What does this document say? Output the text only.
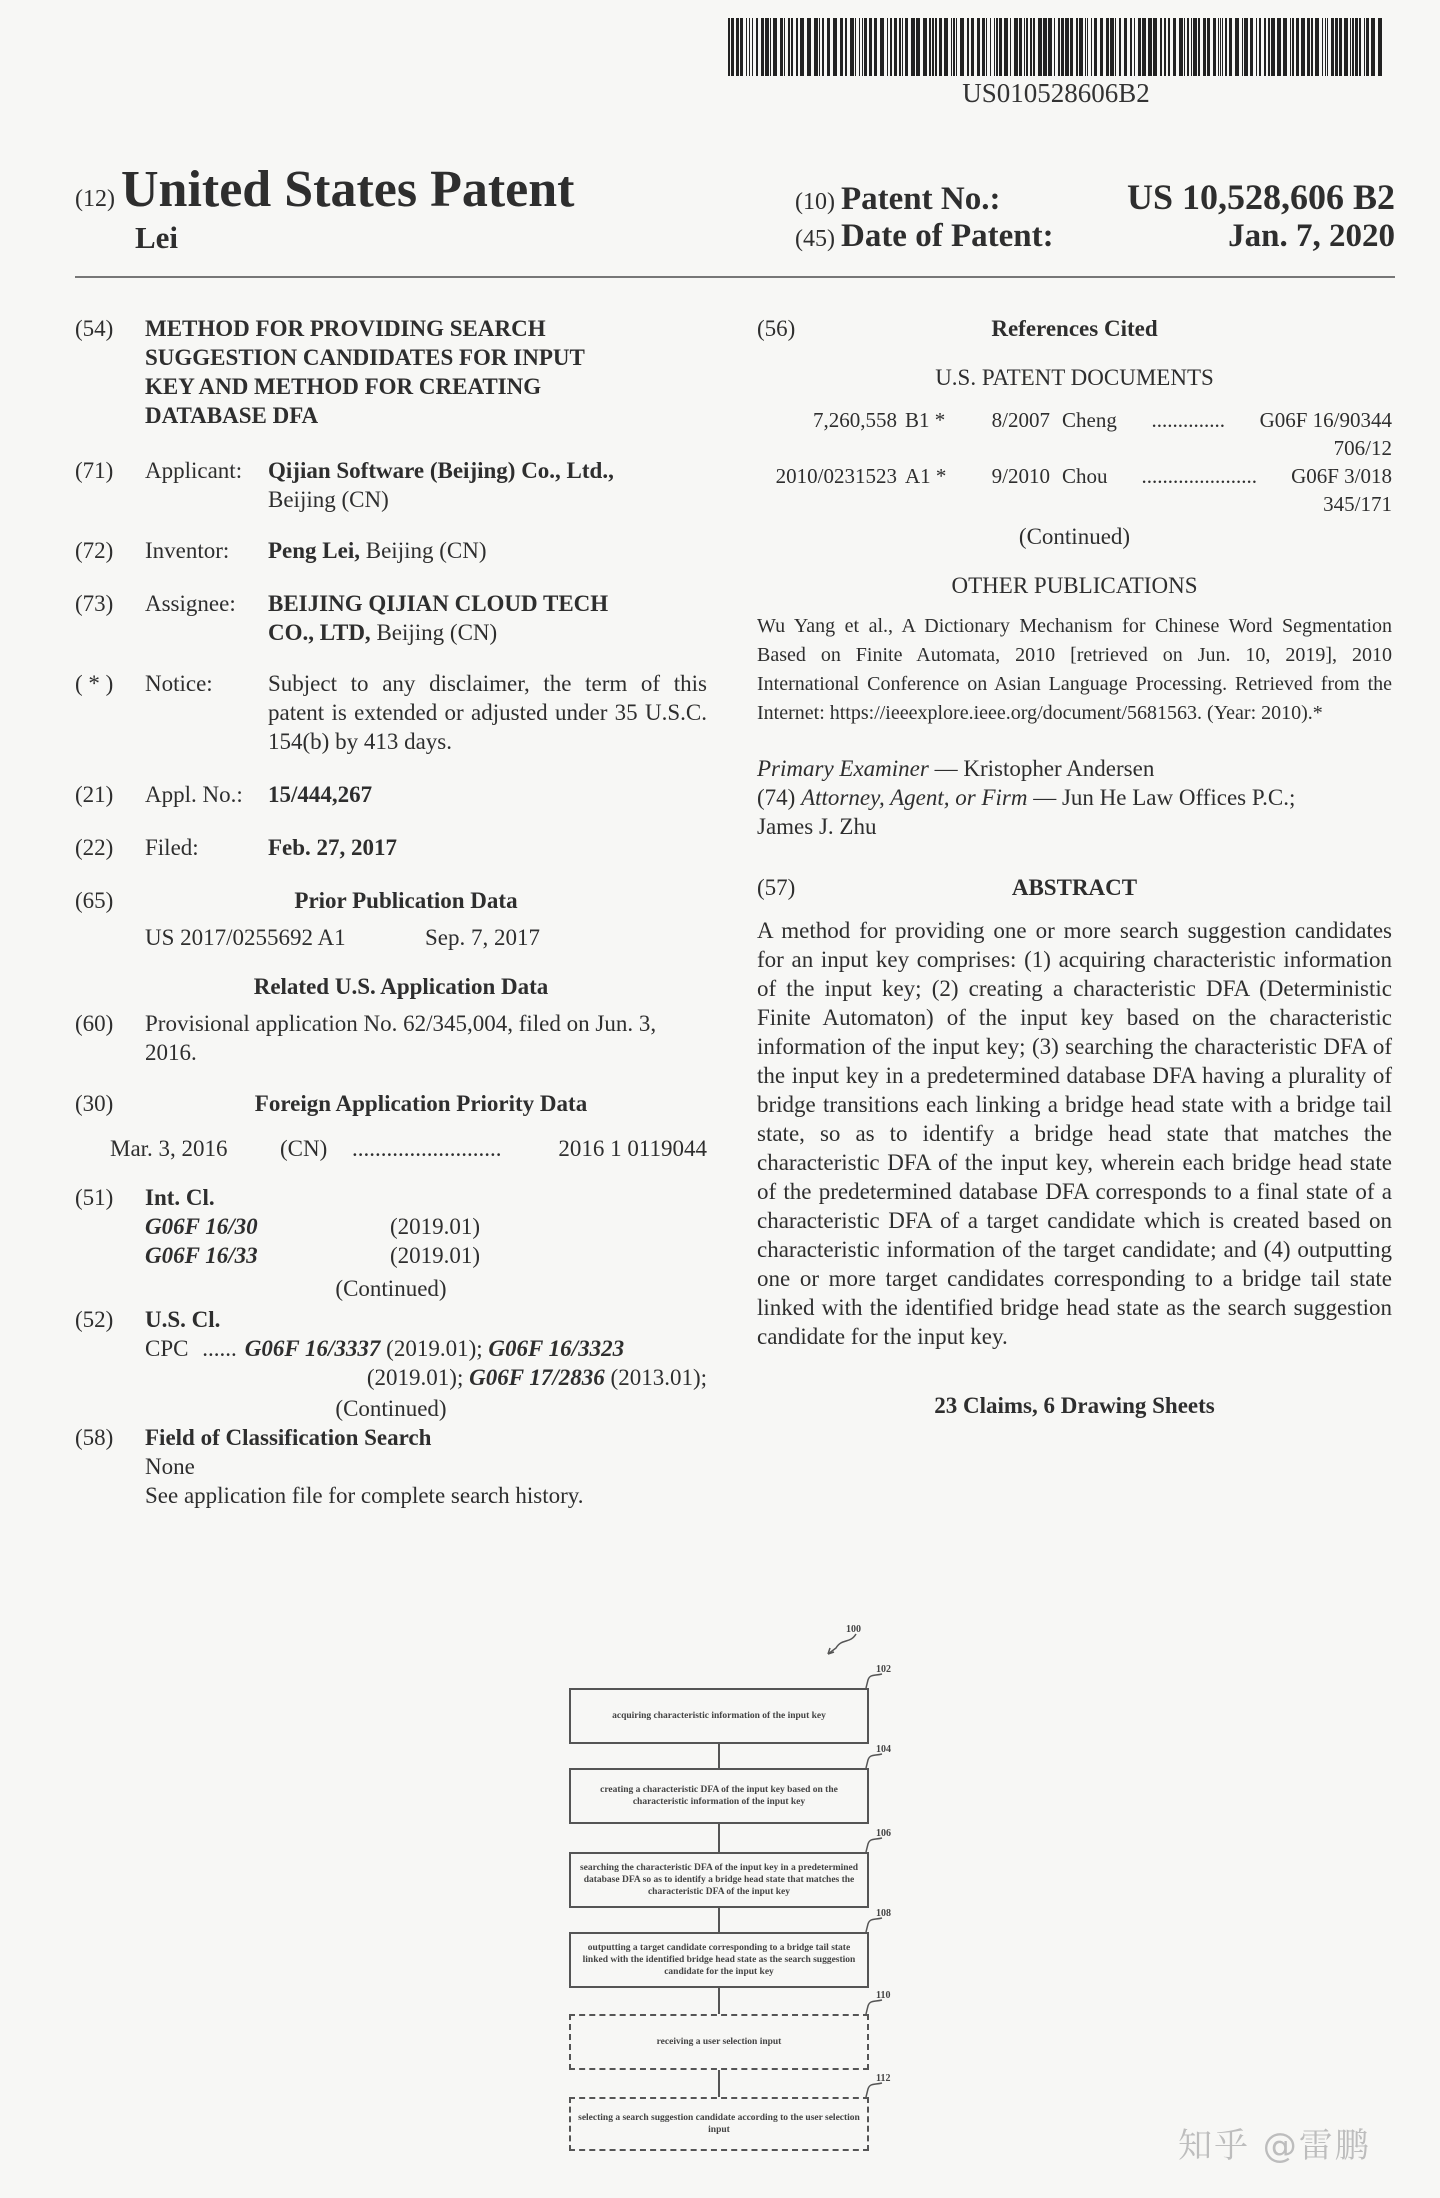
US010528606B2
(12) United States Patent
Lei
(10) Patent No.:	US 10,528,606 B2
(45) Date of Patent:	Jan. 7, 2020
(54)	METHOD FOR PROVIDING SEARCH
SUGGESTION CANDIDATES FOR INPUT
KEY AND METHOD FOR CREATING
DATABASE DFA
(71)	Applicant:	Qijian Software (Beijing) Co., Ltd.,
Beijing (CN)
(72)	Inventor:	Peng Lei, Beijing (CN)
(73)	Assignee:	BEIJING QIJIAN CLOUD TECH
CO., LTD, Beijing (CN)
( * )	Notice:	Subject to any disclaimer, the term of this patent is extended or adjusted under 35 U.S.C. 154(b) by 413 days.
(21)	Appl. No.:	15/444,267
(22)	Filed:	Feb. 27, 2017
(65)	Prior Publication Data
US 2017/0255692 A1	Sep. 7, 2017
Related U.S. Application Data
(60)	Provisional application No. 62/345,004, filed on Jun. 3, 2016.
(30)	Foreign Application Priority Data
Mar. 3, 2016	(CN)	..........................	2016 1 0119044
(51)	Int. Cl.
G06F 16/30	(2019.01)
G06F 16/33	(2019.01)
(Continued)
(52)	U.S. Cl.
CPC ...... G06F 16/3337 (2019.01); G06F 16/3323
(2019.01); G06F 17/2836 (2013.01);
(Continued)
(58)	Field of Classification Search
None
See application file for complete search history.
(56)	References Cited
U.S. PATENT DOCUMENTS
7,260,558 B1 *	8/2007 Cheng	..............	G06F 16/90344
706/12
2010/0231523 A1 *	9/2010 Chou	......................	G06F 3/018
345/171
(Continued)
OTHER PUBLICATIONS
Wu Yang et al., A Dictionary Mechanism for Chinese Word Segmentation Based on Finite Automata, 2010 [retrieved on Jun. 10, 2019], 2010 International Conference on Asian Language Processing. Retrieved from the Internet: https://ieeexplore.ieee.org/document/5681563. (Year: 2010).*
Primary Examiner — Kristopher Andersen
(74) Attorney, Agent, or Firm — Jun He Law Offices P.C.; James J. Zhu
(57)	ABSTRACT
A method for providing one or more search suggestion candidates for an input key comprises: (1) acquiring characteristic information of the input key; (2) creating a characteristic DFA (Deterministic Finite Automaton) of the input key based on the characteristic information of the input key; (3) searching the characteristic DFA of the input key in a predetermined database DFA having a plurality of bridge transitions each linking a bridge head state with a bridge tail state, so as to identify a bridge head state that matches the characteristic DFA of the input key, wherein each bridge head state of the predetermined database DFA corresponds to a final state of a characteristic DFA of a target candidate which is created based on characteristic information of the target candidate; and (4) outputting one or more target candidates corresponding to a bridge tail state linked with the identified bridge head state as the search suggestion candidate for the input key.
23 Claims, 6 Drawing Sheets
100
acquiring characteristic information of the input key
102
creating a characteristic DFA of the input key based on the characteristic information of the input key
104
searching the characteristic DFA of the input key in a predetermined database DFA so as to identify a bridge head state that matches the characteristic DFA of the input key
106
outputting a target candidate corresponding to a bridge tail state linked with the identified bridge head state as the search suggestion candidate for the input key
108
receiving a user selection input
110
selecting a search suggestion candidate according to the user selection input
112
知乎 @雷鹏
